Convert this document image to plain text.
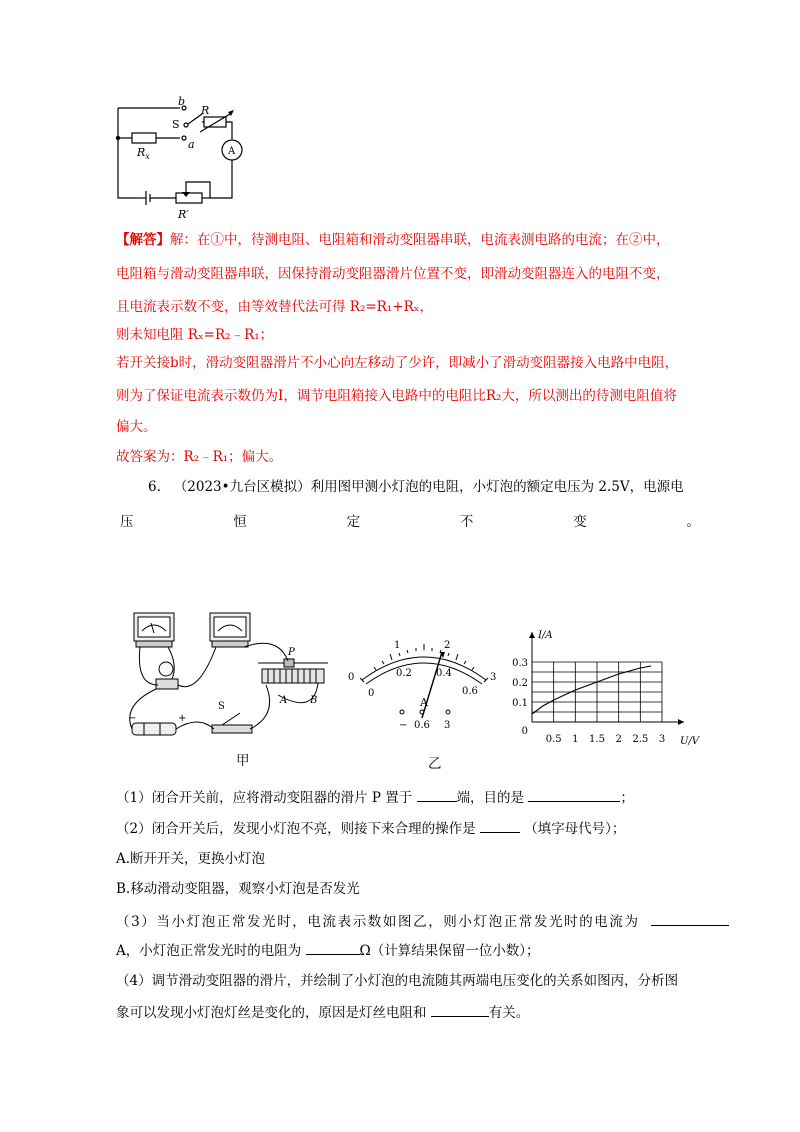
b
S
R
a
$R_x$	A
R′
【解答】解：在①中，待测电阻、电阻箱和滑动变阻器串联，电流表测电路的电流；在②中，
电阻箱与滑动变阻器串联，因保持滑动变阻器滑片位置不变，即滑动变阻器连入的电阻不变，
且电流表示数不变，由等效替代法可得 R₂=R₁+Rₓ，
则未知电阻 Rₓ=R₂﹣R₁；
若开关接b时，滑动变阻器滑片不小心向左移动了少许，即减小了滑动变阻器接入电路中电阻，
则为了保证电流表示数仍为I，调节电阻箱接入电路中的电阻比R₂大，所以测出的待测电阻值将
偏大。
故答案为：R₂﹣R₁；偏大。
6. （2023•九台区模拟）利用图甲测小灯泡的电阻，小灯泡的额定电压为 2.5V，电源电
压	恒	定	不	变	。
P
A B
S
−	+
甲
0
1	2
3
0
0.2 0.4
0.6
A
− 0.6 3
乙
0.5 1 1.5 2 2.5 3
0.1
0.2
0.3
0
U/V
I/A
（1）闭合开关前，应将滑动变阻器的滑片 P 置于	端，目的是	；
（2）闭合开关后，发现小灯泡不亮，则接下来合理的操作是	（填字母代号）；
A.断开开关，更换小灯泡
B.移动滑动变阻器，观察小灯泡是否发光
（3）当小灯泡正常发光时，电流表示数如图乙，则小灯泡正常发光时的电流为
A，小灯泡正常发光时的电阻为	Ω（计算结果保留一位小数）；
（4）调节滑动变阻器的滑片，并绘制了小灯泡的电流随其两端电压变化的关系如图丙，分析图
象可以发现小灯泡灯丝是变化的，原因是灯丝电阻和	有关。
